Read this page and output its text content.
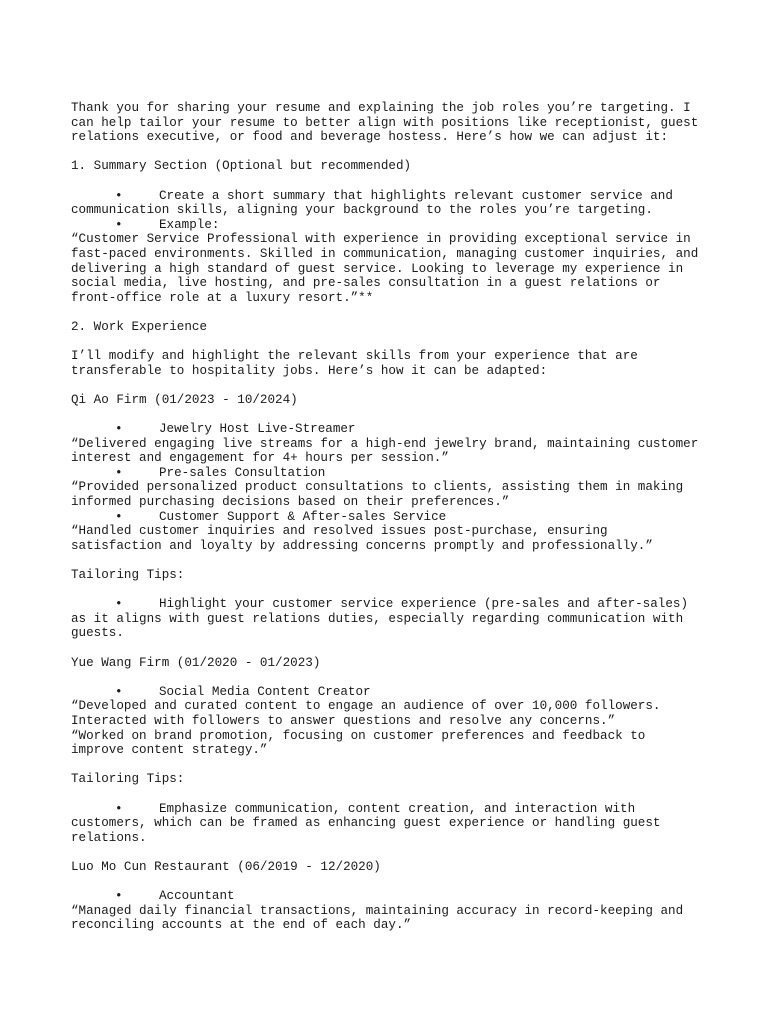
Thank you for sharing your resume and explaining the job roles you’re targeting. I
can help tailor your resume to better align with positions like receptionist, guest
relations executive, or food and beverage hostess. Here’s how we can adjust it:
1. Summary Section (Optional but recommended)
•	Create a short summary that highlights relevant customer service and
communication skills, aligning your background to the roles you’re targeting.
•	Example:
“Customer Service Professional with experience in providing exceptional service in
fast-paced environments. Skilled in communication, managing customer inquiries, and
delivering a high standard of guest service. Looking to leverage my experience in
social media, live hosting, and pre-sales consultation in a guest relations or
front-office role at a luxury resort.”**
2. Work Experience
I’ll modify and highlight the relevant skills from your experience that are
transferable to hospitality jobs. Here’s how it can be adapted:
Qi Ao Firm (01/2023 - 10/2024)
•	Jewelry Host Live-Streamer
“Delivered engaging live streams for a high-end jewelry brand, maintaining customer
interest and engagement for 4+ hours per session.”
•	Pre-sales Consultation
“Provided personalized product consultations to clients, assisting them in making
informed purchasing decisions based on their preferences.”
•	Customer Support & After-sales Service
“Handled customer inquiries and resolved issues post-purchase, ensuring
satisfaction and loyalty by addressing concerns promptly and professionally.”
Tailoring Tips:
•	Highlight your customer service experience (pre-sales and after-sales)
as it aligns with guest relations duties, especially regarding communication with
guests.
Yue Wang Firm (01/2020 - 01/2023)
•	Social Media Content Creator
“Developed and curated content to engage an audience of over 10,000 followers.
Interacted with followers to answer questions and resolve any concerns.”
“Worked on brand promotion, focusing on customer preferences and feedback to
improve content strategy.”
Tailoring Tips:
•	Emphasize communication, content creation, and interaction with
customers, which can be framed as enhancing guest experience or handling guest
relations.
Luo Mo Cun Restaurant (06/2019 - 12/2020)
•	Accountant
“Managed daily financial transactions, maintaining accuracy in record-keeping and
reconciling accounts at the end of each day.”
